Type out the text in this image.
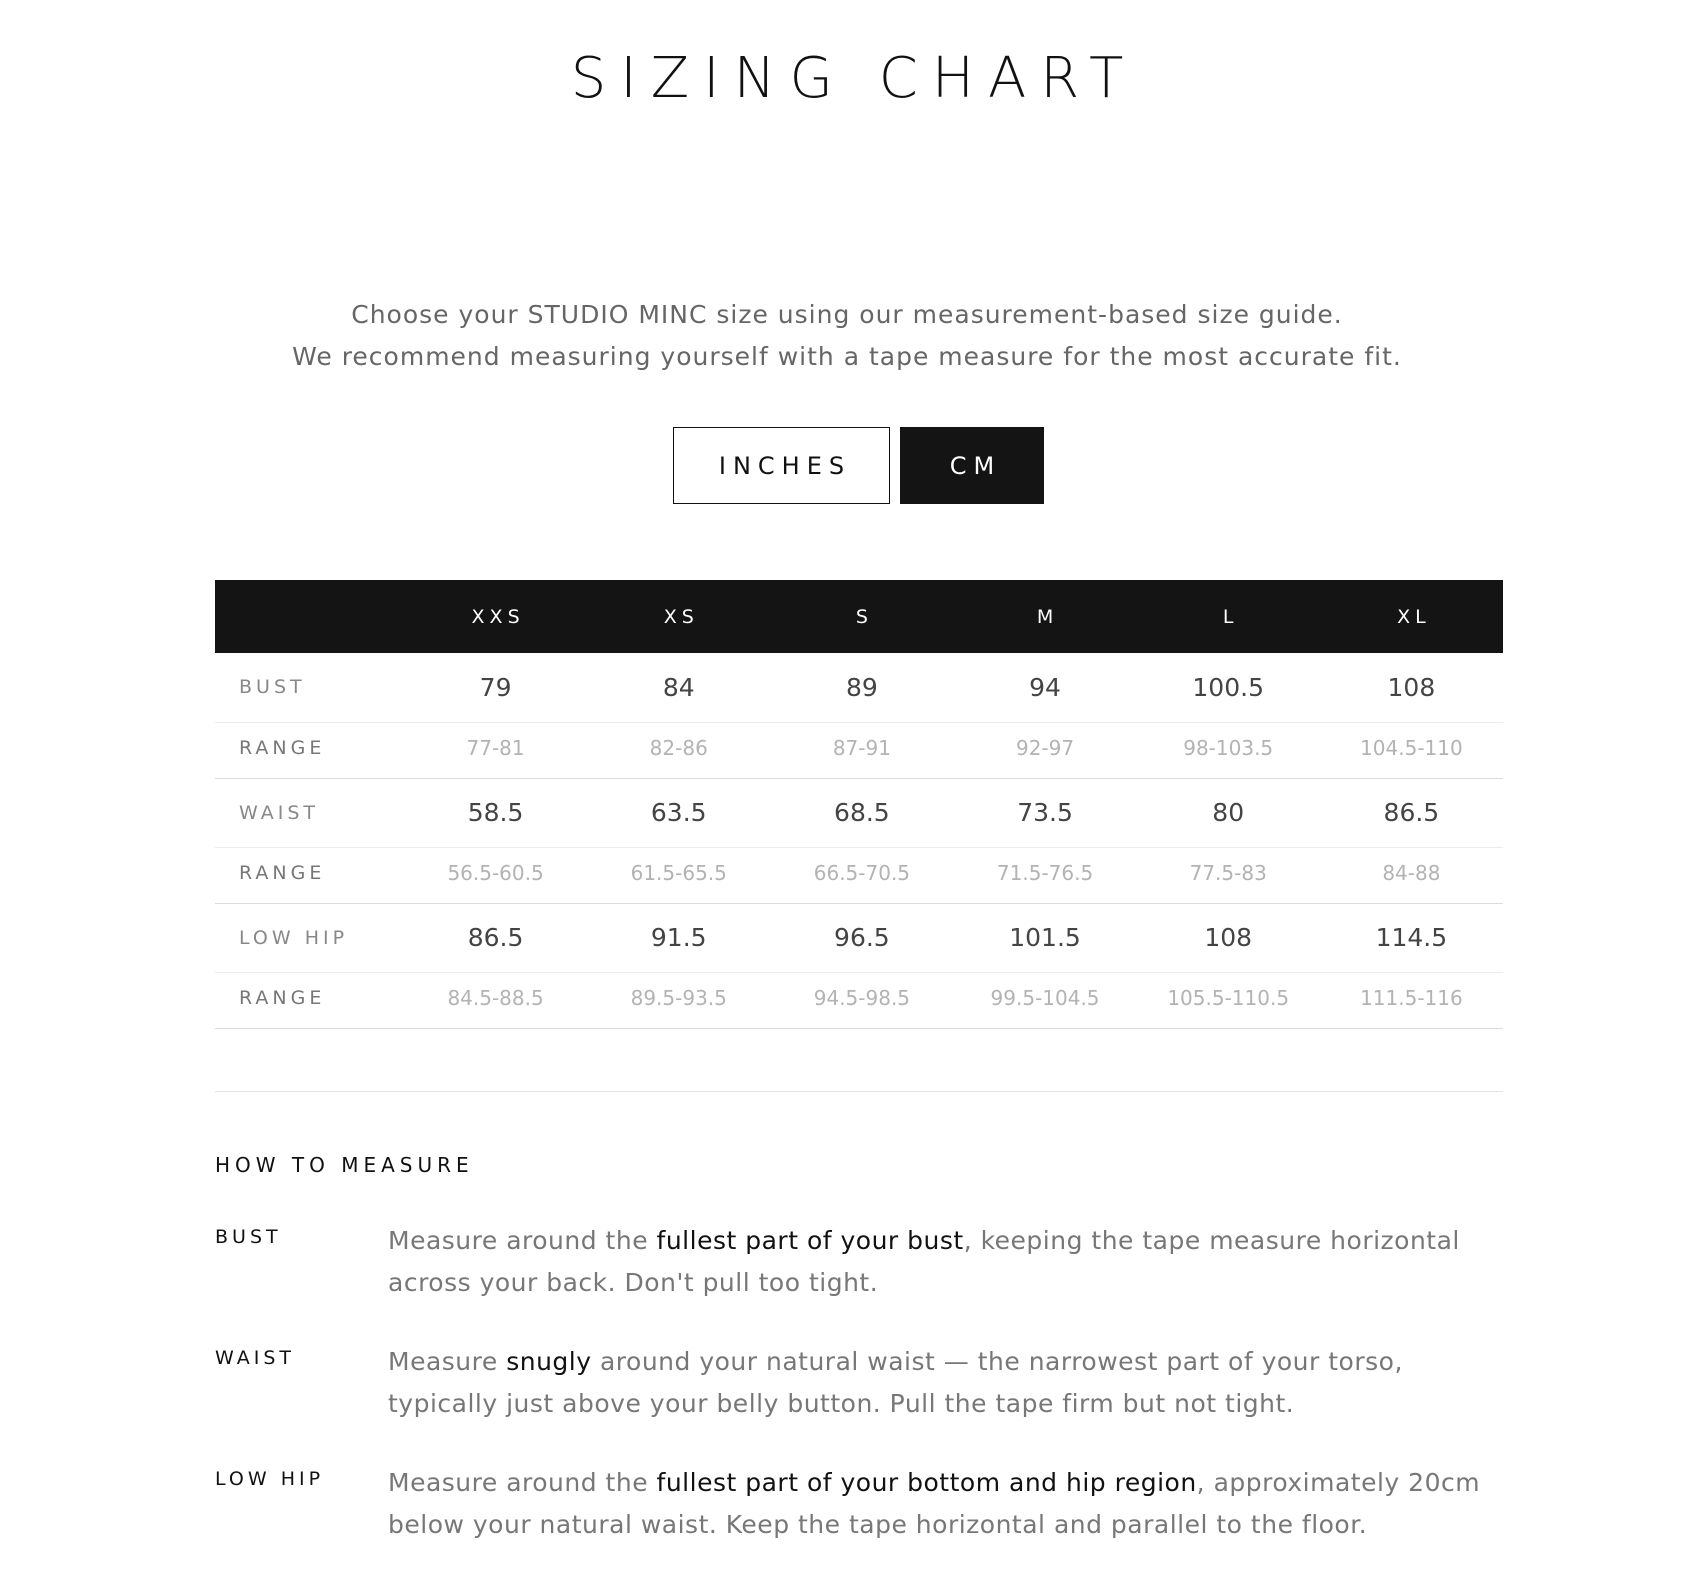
SIZING CHART
Choose your STUDIO MINC size using our measurement-based size guide.
We recommend measuring yourself with a tape measure for the most accurate fit.
INCHES	CM
	XXS	XS	S	M	L	XL
BUST	79	84	89	94	100.5	108
RANGE	77-81	82-86	87-91	92-97	98-103.5	104.5-110
WAIST	58.5	63.5	68.5	73.5	80	86.5
RANGE	56.5-60.5	61.5-65.5	66.5-70.5	71.5-76.5	77.5-83	84-88
LOW HIP	86.5	91.5	96.5	101.5	108	114.5
RANGE	84.5-88.5	89.5-93.5	94.5-98.5	99.5-104.5	105.5-110.5	111.5-116
HOW TO MEASURE
BUST	Measure around the fullest part of your bust, keeping the tape measure horizontal across your back. Don't pull too tight.
WAIST	Measure snugly around your natural waist — the narrowest part of your torso, typically just above your belly button. Pull the tape firm but not tight.
LOW HIP	Measure around the fullest part of your bottom and hip region, approximately 20cm below your natural waist. Keep the tape horizontal and parallel to the floor.
